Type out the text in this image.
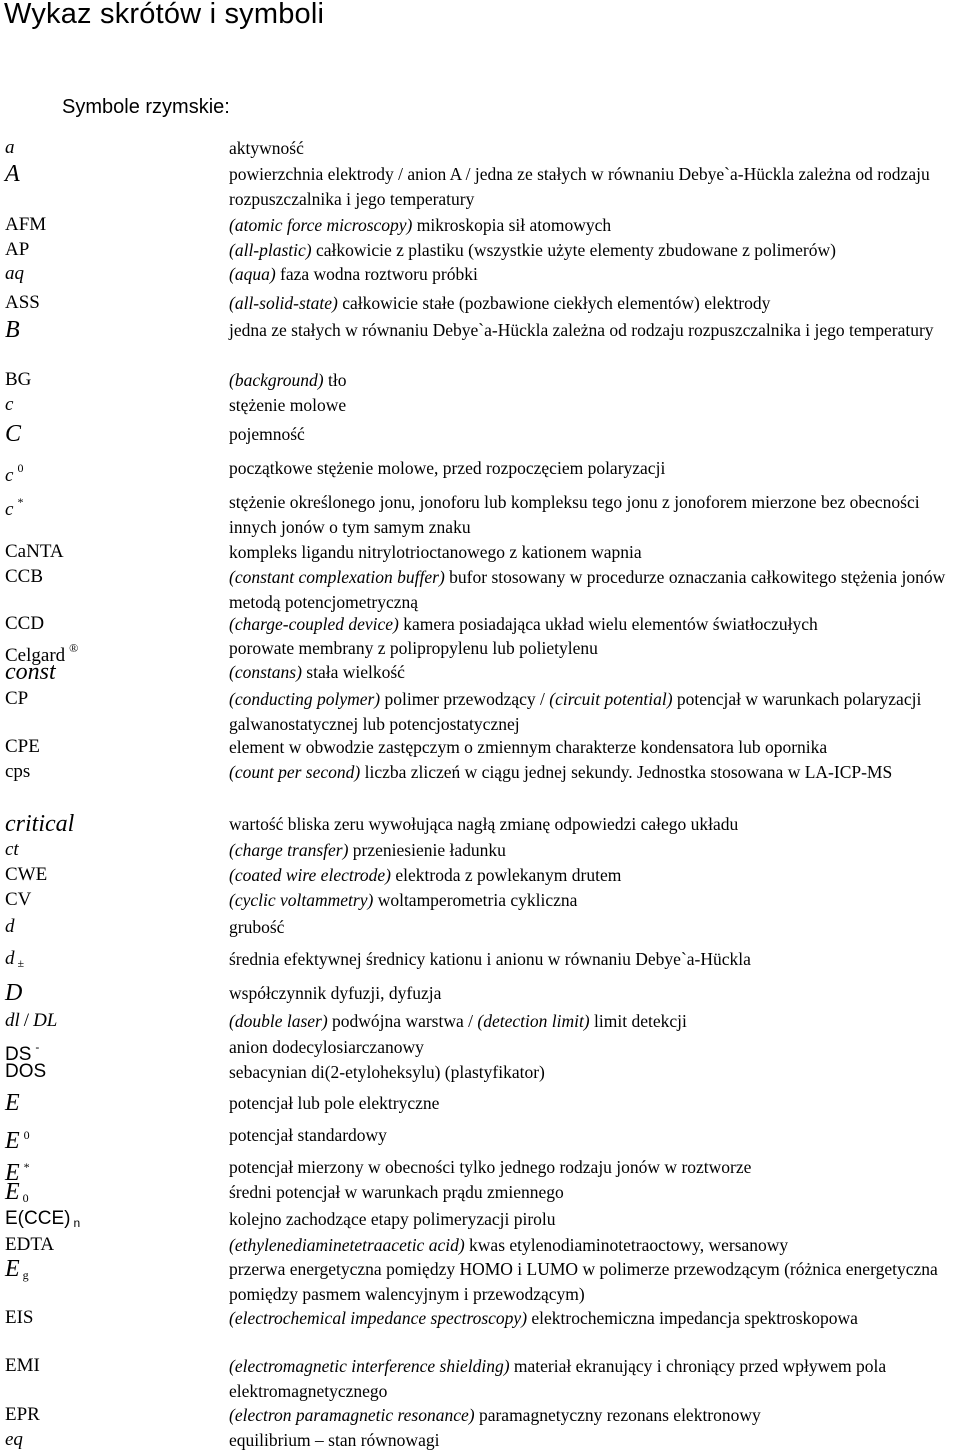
Wykaz skrótów i symboli
Symbole rzymskie:
a	aktywność
A	powierzchnia elektrody / anion A / jedna ze stałych w równaniu Debye`a-Hückla zależna od rodzaju rozpuszczalnika i jego temperatury
AFM	(atomic force microscopy) mikroskopia sił atomowych
AP	(all-plastic) całkowicie z plastiku (wszystkie użyte elementy zbudowane z polimerów)
aq	(aqua) faza wodna roztworu próbki
ASS	(all-solid-state) całkowicie stałe (pozbawione ciekłych elementów) elektrody
B	jedna ze stałych w równaniu Debye`a-Hückla zależna od rodzaju rozpuszczalnika i jego temperatury
BG	(background) tło
c	stężenie molowe
C	pojemność
c $^0$	początkowe stężenie molowe, przed rozpoczęciem polaryzacji
c *	stężenie określonego jonu, jonoforu lub kompleksu tego jonu z jonoforem mierzone bez obecności innych jonów o tym samym znaku
CaNTA	kompleks ligandu nitrylotrioctanowego z kationem wapnia
CCB	(constant complexation buffer) bufor stosowany w procedurze oznaczania całkowitego stężenia jonów metodą potencjometryczną
CCD	(charge-coupled device) kamera posiadająca układ wielu elementów światłoczułych
Celgard ®	porowate membrany z polipropylenu lub polietylenu
const	(constans) stała wielkość
CP	(conducting polymer) polimer przewodzący / (circuit potential) potencjał w warunkach polaryzacji galwanostatycznej lub potencjostatycznej
CPE	element w obwodzie zastępczym o zmiennym charakterze kondensatora lub opornika
cps	(count per second) liczba zliczeń w ciągu jednej sekundy. Jednostka stosowana w LA-ICP-MS
critical	wartość bliska zeru wywołująca nagłą zmianę odpowiedzi całego układu
ct	(charge transfer) przeniesienie ładunku
CWE	(coated wire electrode) elektroda z powlekanym drutem
CV	(cyclic voltammetry) woltamperometria cykliczna
d	grubość
d $_\pm$	średnia efektywnej średnicy kationu i anionu w równaniu Debye`a-Hückla
D	współczynnik dyfuzji, dyfuzja
dl / DL	(double laser) podwójna warstwa / (detection limit) limit detekcji
DS -	anion dodecylosiarczanowy
DOS	sebacynian di(2-etyloheksylu) (plastyfikator)
E	potencjał lub pole elektryczne
E $^0$	potencjał standardowy
E *	potencjał mierzony w obecności tylko jednego rodzaju jonów w roztworze
E $_0$	średni potencjał w warunkach prądu zmiennego
E(CCE) $_n$	kolejno zachodzące etapy polimeryzacji pirolu
EDTA	(ethylenediaminetetraacetic acid) kwas etylenodiaminotetraoctowy, wersanowy
E $_g$	przerwa energetyczna pomiędzy HOMO i LUMO w polimerze przewodzącym (różnica energetyczna pomiędzy pasmem walencyjnym i przewodzącym)
EIS	(electrochemical impedance spectroscopy) elektrochemiczna impedancja spektroskopowa
EMI	(electromagnetic interference shielding) materiał ekranujący i chroniący przed wpływem pola elektromagnetycznego
EPR	(electron paramagnetic resonance) paramagnetyczny rezonans elektronowy
eq	equilibrium – stan równowagi
